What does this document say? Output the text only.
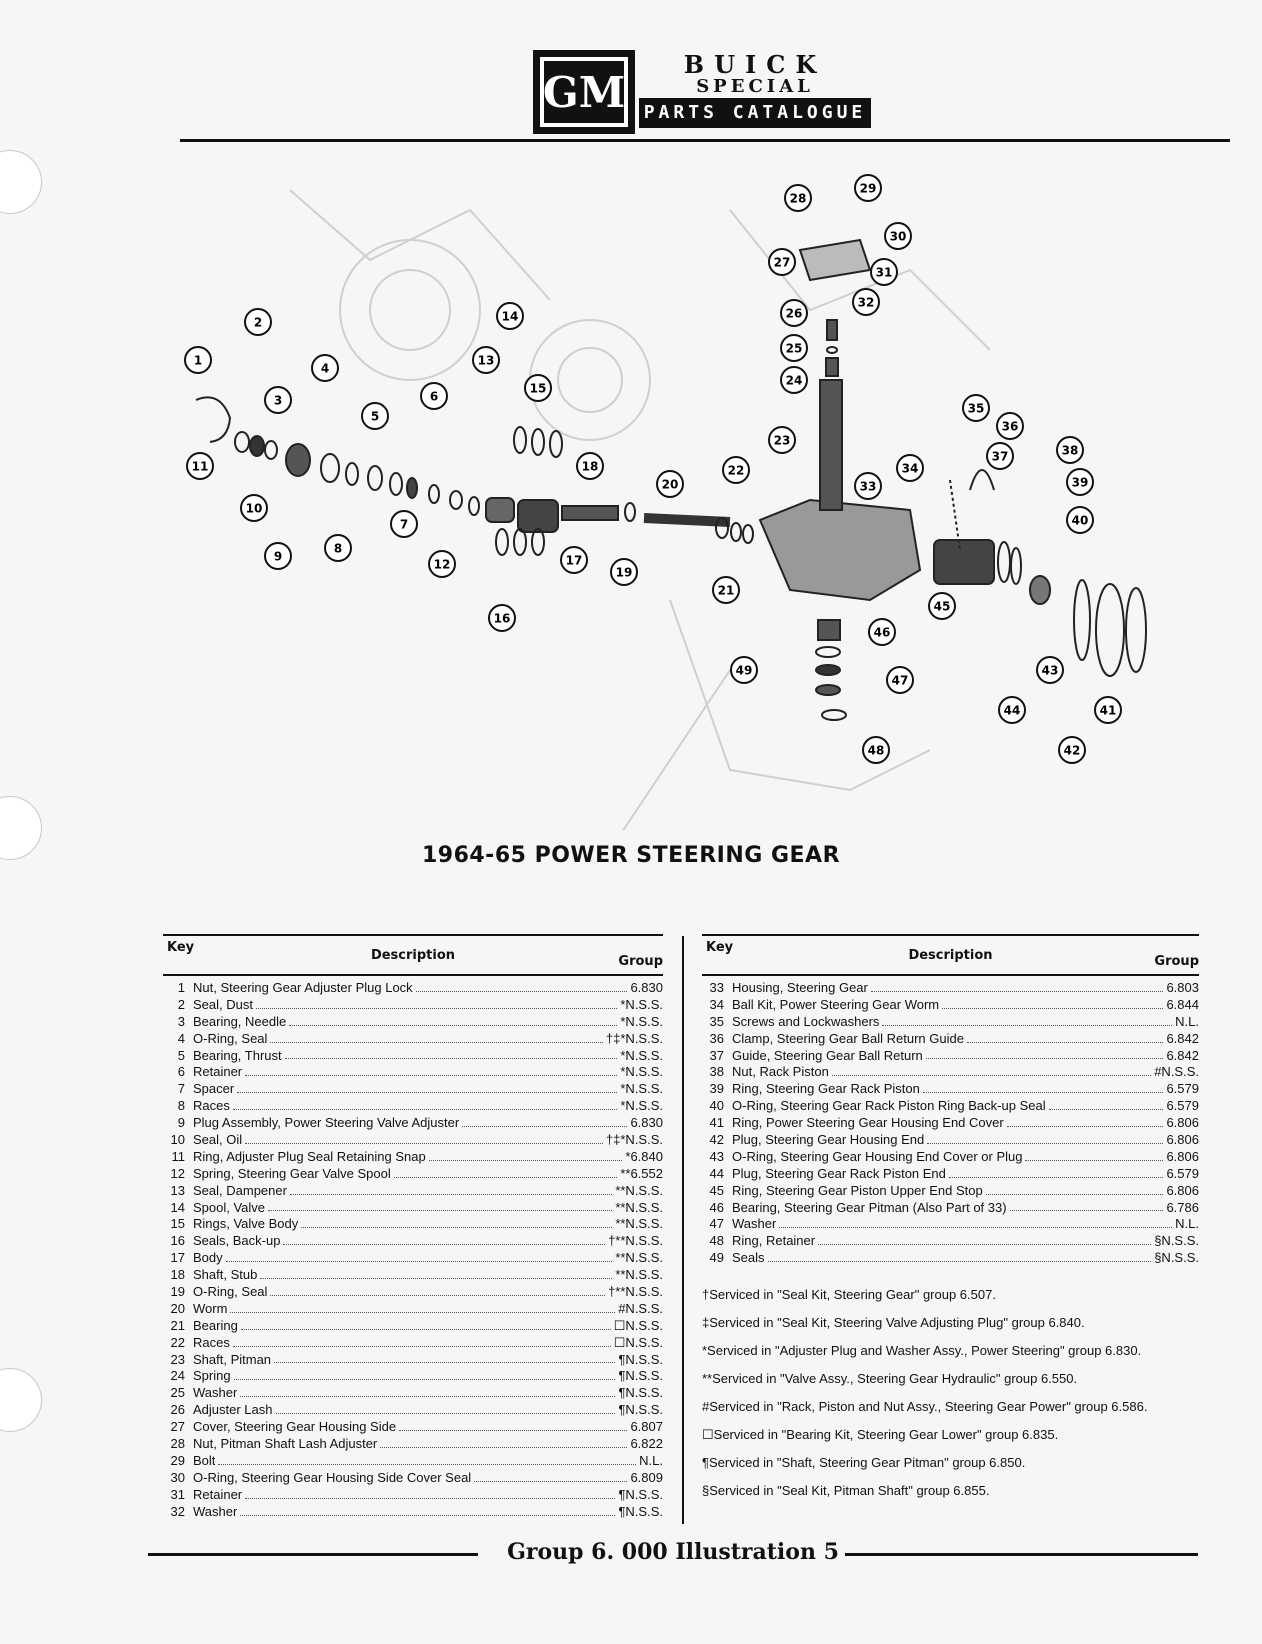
GM
BUICK
SPECIAL
PARTS CATALOGUE
1
2
3
4
5
6
7
8
9
10
11
12
13
14
15
16
17
18
19
20
21
22
23
24
25
26
27
28
29
30
31
32
33
34
35
36
37	38
39
40
41
42
43
44
45
46
47
48
49
1964-65 POWER STEERING GEAR
Key
Description	Group
1 Nut, Steering Gear Adjuster Plug Lock	6.830
2 Seal, Dust	*N.S.S.
3 Bearing, Needle	*N.S.S.
4 O-Ring, Seal	†‡*N.S.S.
5 Bearing, Thrust	*N.S.S.
6 Retainer	*N.S.S.
7 Spacer	*N.S.S.
8 Races	*N.S.S.
9 Plug Assembly, Power Steering Valve Adjuster	6.830
10 Seal, Oil	†‡*N.S.S.
11 Ring, Adjuster Plug Seal Retaining Snap	*6.840
12 Spring, Steering Gear Valve Spool	**6.552
13 Seal, Dampener	**N.S.S.
14 Spool, Valve	**N.S.S.
15 Rings, Valve Body	**N.S.S.
16 Seals, Back-up	†**N.S.S.
17 Body	**N.S.S.
18 Shaft, Stub	**N.S.S.
19 O-Ring, Seal	†**N.S.S.
20 Worm	#N.S.S.
21 Bearing	☐N.S.S.
22 Races	☐N.S.S.
23 Shaft, Pitman	¶N.S.S.
24 Spring	¶N.S.S.
25 Washer	¶N.S.S.
26 Adjuster Lash	¶N.S.S.
27 Cover, Steering Gear Housing Side	6.807
28 Nut, Pitman Shaft Lash Adjuster	6.822
29 Bolt	N.L.
30 O-Ring, Steering Gear Housing Side Cover Seal	6.809
31 Retainer	¶N.S.S.
32 Washer	¶N.S.S.
Key
Description	Group
33 Housing, Steering Gear	6.803
34 Ball Kit, Power Steering Gear Worm	6.844
35 Screws and Lockwashers	N.L.
36 Clamp, Steering Gear Ball Return Guide	6.842
37 Guide, Steering Gear Ball Return	6.842
38 Nut, Rack Piston	#N.S.S.
39 Ring, Steering Gear Rack Piston	6.579
40 O-Ring, Steering Gear Rack Piston Ring Back-up Seal	6.579
41 Ring, Power Steering Gear Housing End Cover	6.806
42 Plug, Steering Gear Housing End	6.806
43 O-Ring, Steering Gear Housing End Cover or Plug	6.806
44 Plug, Steering Gear Rack Piston End	6.579
45 Ring, Steering Gear Piston Upper End Stop	6.806
46 Bearing, Steering Gear Pitman (Also Part of 33)	6.786
47 Washer	N.L.
48 Ring, Retainer	§N.S.S.
49 Seals	§N.S.S.
†Serviced in "Seal Kit, Steering Gear" group 6.507.
‡Serviced in "Seal Kit, Steering Valve Adjusting Plug" group 6.840.
*Serviced in "Adjuster Plug and Washer Assy., Power Steering" group 6.830.
**Serviced in "Valve Assy., Steering Gear Hydraulic" group 6.550.
#Serviced in "Rack, Piston and Nut Assy., Steering Gear Power" group 6.586.
☐Serviced in "Bearing Kit, Steering Gear Lower" group 6.835.
¶Serviced in "Shaft, Steering Gear Pitman" group 6.850.
§Serviced in "Seal Kit, Pitman Shaft" group 6.855.
Group 6. 000 Illustration 5
